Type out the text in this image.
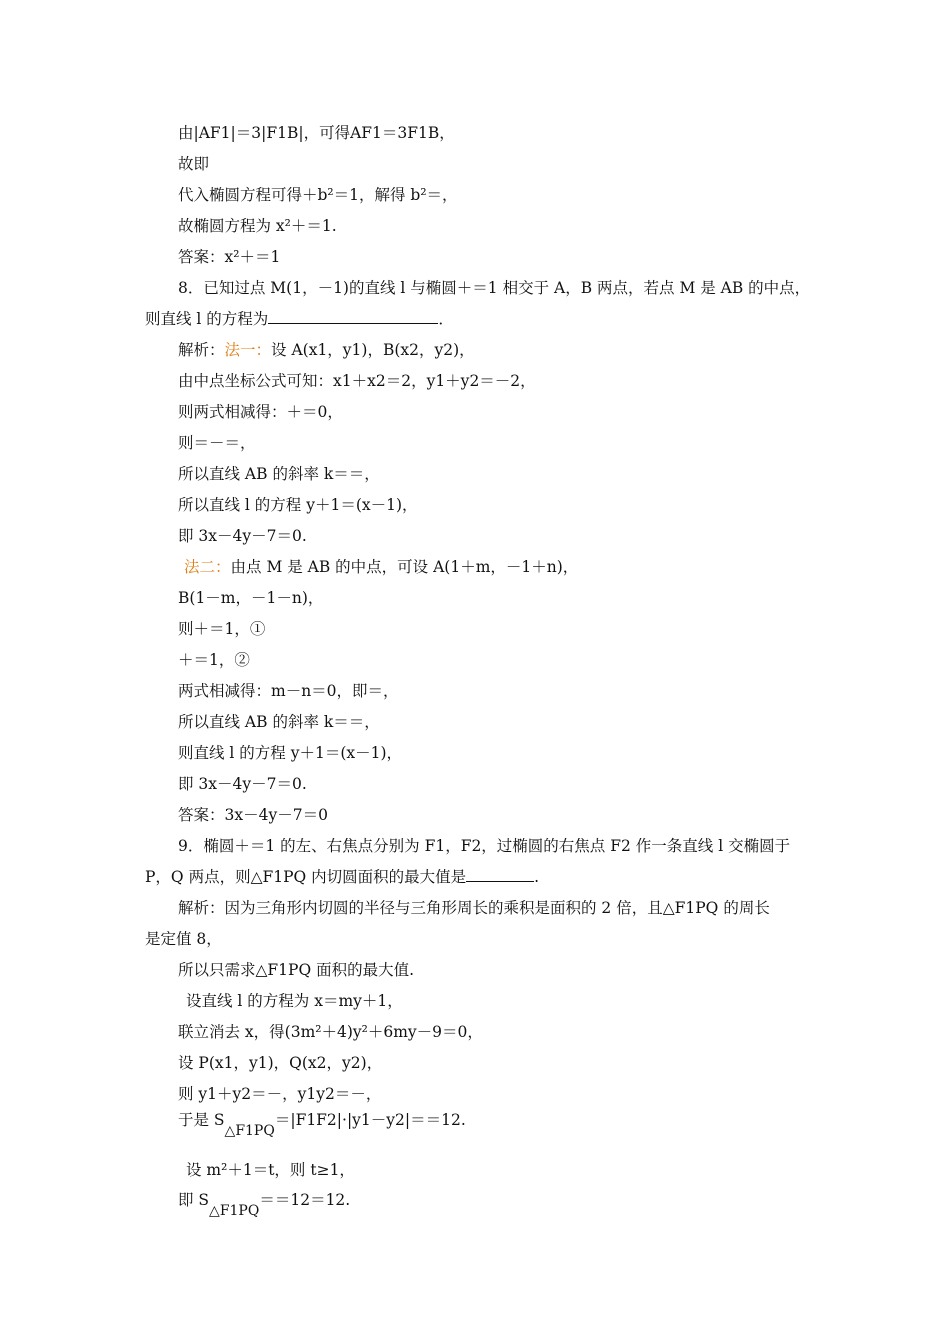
由|AF1|＝3|F1B|，可得AF1＝3F1B，
故即
代入椭圆方程可得＋b²＝1，解得 b²＝，
故椭圆方程为 x²＋＝1.
答案：x²＋＝1
8．已知过点 M(1，－1)的直线 l 与椭圆＋＝1 相交于 A，B 两点，若点 M 是 AB 的中点，
则直线 l 的方程为	．
解析：法一：设 A(x1，y1)，B(x2，y2)，
由中点坐标公式可知：x1＋x2＝2，y1＋y2＝－2，
则两式相减得：＋＝0，
则＝－＝，
所以直线 AB 的斜率 k＝＝，
所以直线 l 的方程 y＋1＝(x－1)，
即 3x－4y－7＝0.
法二：由点 M 是 AB 的中点，可设 A(1＋m，－1＋n)，
B(1－m，－1－n)，
则＋＝1，①
＋＝1，②
两式相减得：m－n＝0，即＝，
所以直线 AB 的斜率 k＝＝，
则直线 l 的方程 y＋1＝(x－1)，
即 3x－4y－7＝0.
答案：3x－4y－7＝0
9．椭圆＋＝1 的左、右焦点分别为 F1，F2，过椭圆的右焦点 F2 作一条直线 l 交椭圆于
P，Q 两点，则△F1PQ 内切圆面积的最大值是	.
解析：因为三角形内切圆的半径与三角形周长的乘积是面积的 2 倍，且△F1PQ 的周长
是定值 8，
所以只需求△F1PQ 面积的最大值.
设直线 l 的方程为 x＝my＋1，
联立消去 x，得(3m²＋4)y²＋6my－9＝0，
设 P(x1，y1)，Q(x2，y2)，
则 y1＋y2＝－，y1y2＝－，
于是 S△F1PQ＝|F1F2|·|y1－y2|＝＝12.
设 m²＋1＝t，则 t≥1，
即 S△F1PQ＝＝12＝12.
